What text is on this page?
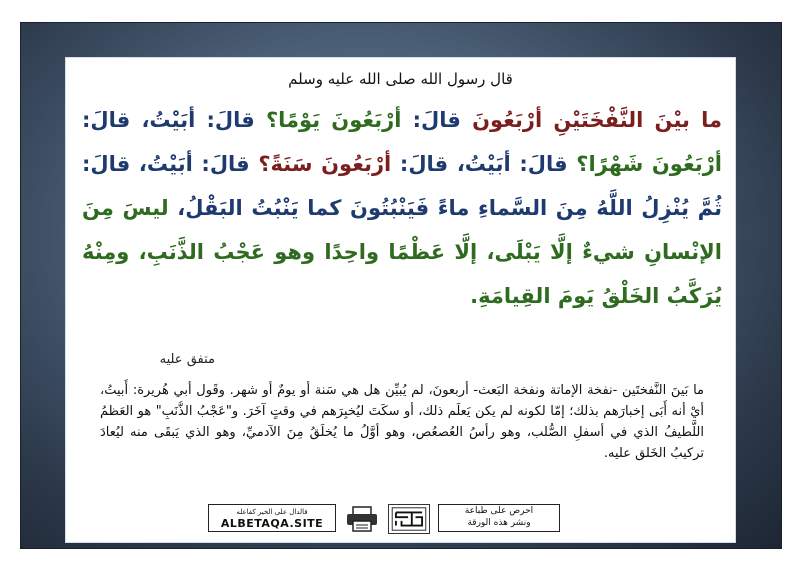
قال رسول الله صلى الله عليه وسلم
ما بيْنَ النَّفْخَتَيْنِ أرْبَعُونَ قالَ: أرْبَعُونَ يَوْمًا؟ قالَ: أبَيْتُ، قالَ: أرْبَعُونَ شَهْرًا؟ قالَ: أبَيْتُ، قالَ: أرْبَعُونَ سَنَةً؟ قالَ: أبَيْتُ، قالَ: ثُمَّ يُنْزِلُ اللَّهُ مِنَ السَّماءِ ماءً فَيَنْبُتُونَ كما يَنْبُتُ البَقْلُ، ليسَ مِنَ الإنْسانِ شيءٌ إلَّا يَبْلَى، إلَّا عَظْمًا واحِدًا وهو عَجْبُ الذَّنَبِ، ومِنْهُ يُرَكَّبُ الخَلْقُ يَومَ القِيامَةِ.
متفق عليه
ما بَينَ النَّفختَين -نفخة الإماتة ونفخة البَعث- أربعونَ، لم يُبيِّن هل هي سَنة أو يومٌ أو شهر. وقَول أبي هُريرة: أَبيتُ، أيْ أنه أَبَى إخبارَهم بذلك؛ إمّا لكونه لم يكن يَعلَم ذلك، أو سكَتَ ليُخبِرَهم في وقتٍ آخَرَ. و"عَجْبُ الذَّنَبِ" هو العَظمُ اللَّطيفُ الذي في أسفلِ الصُّلب، وهو رأسُ العُصعُص، وهو أوَّلُ ما يُخلَقُ مِنَ الآدميِّ، وهو الذي يَبقَى منه ليُعادَ تركيبُ الخَلق عليه.
فالدال على الخير كفاعله
ALBETAQA.SITE
احرص على طباعة
ونشر هذه الورقة
